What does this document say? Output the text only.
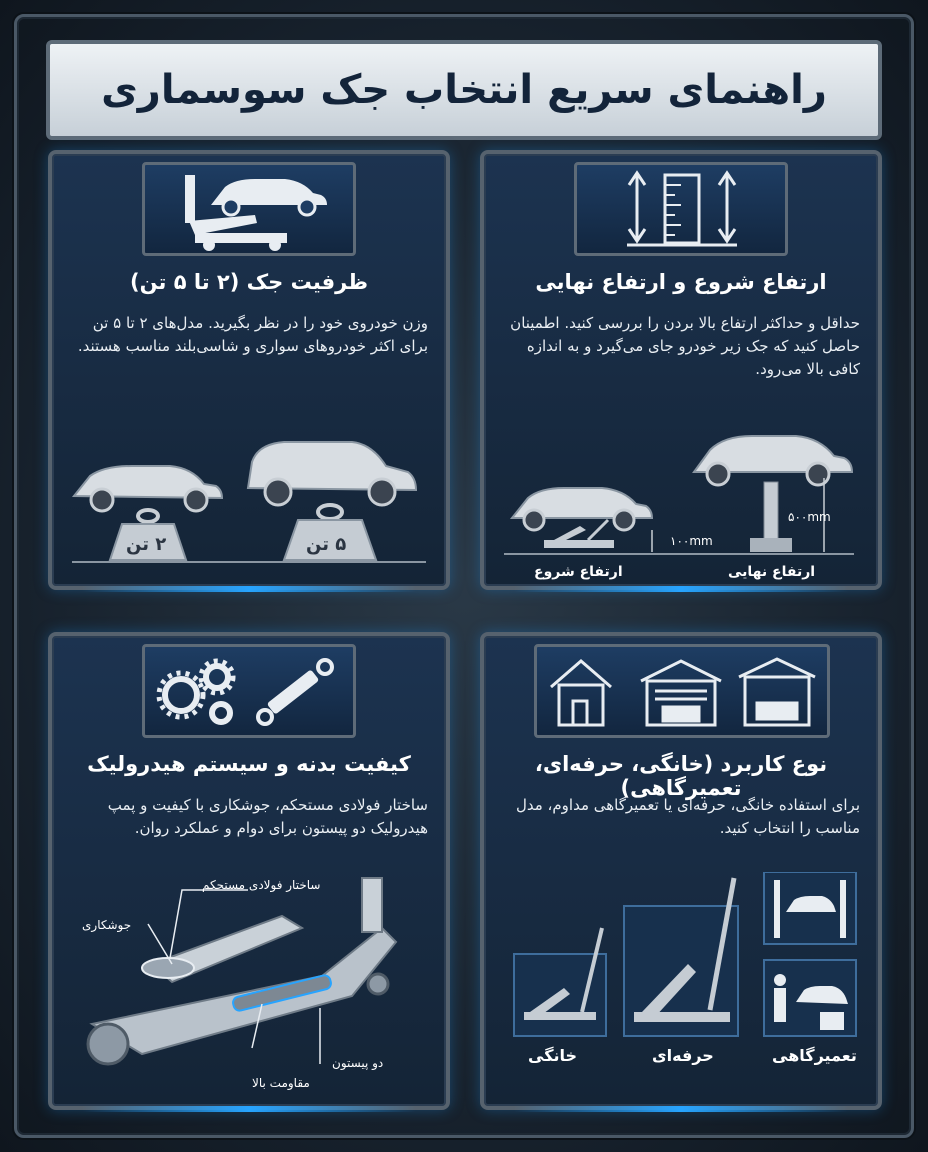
راهنمای سریع انتخاب جک سوسماری
ارتفاع شروع و ارتفاع نهایی

حداقل و حداکثر ارتفاع بالا بردن را بررسی کنید. اطمینان حاصل کنید که جک زیر خودرو جای می‌گیرد و به اندازه کافی بالا می‌رود.

۱۰۰mm
۵۰۰mm
ارتفاع شروع	ارتفاع نهایی
ظرفیت جک (۲ تا ۵ تن)

وزن خودروی خود را در نظر بگیرید. مدل‌های ۲ تا ۵ تن برای اکثر خودروهای سواری و شاسی‌بلند مناسب هستند.

۲ تن	۵ تن
نوع کاربرد (خانگی، حرفه‌ای، تعمیرگاهی)

برای استفاده خانگی، حرفه‌ای یا تعمیرگاهی مداوم، مدل مناسب را انتخاب کنید.

خانگی	حرفه‌ای	تعمیرگاهی
کیفیت بدنه و سیستم هیدرولیک

ساختار فولادی مستحکم، جوشکاری با کیفیت و پمپ هیدرولیک دو پیستون برای دوام و عملکرد روان.

ساختار فولادی مستحکم
جوشکاری
دو پیستون
مقاومت بالا
